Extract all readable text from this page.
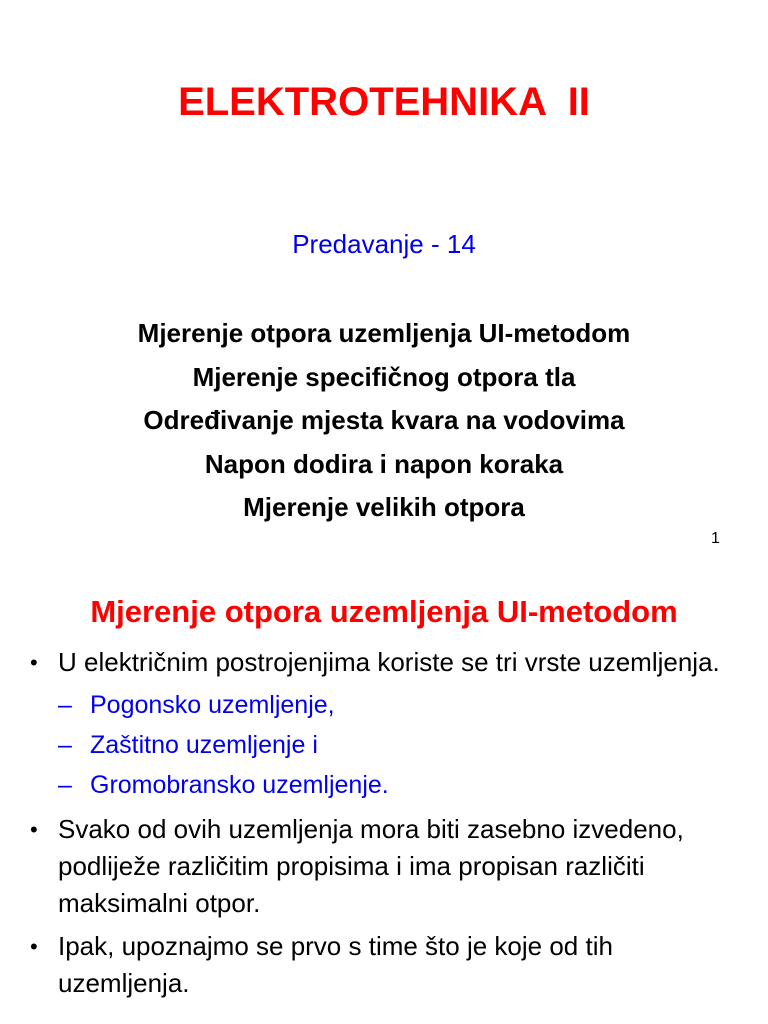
ELEKTROTEHNIKA  II
Predavanje - 14
Mjerenje otpora uzemljenja UI-metodom
Mjerenje specifičnog otpora tla
Određivanje mjesta kvara na vodovima
Napon dodira i napon koraka
Mjerenje velikih otpora
1
Mjerenje otpora uzemljenja UI-metodom
• U električnim postrojenjima koriste se tri vrste uzemljenja.
– Pogonsko uzemljenje,
– Zaštitno uzemljenje i
– Gromobransko uzemljenje.
• Svako od ovih uzemljenja mora biti zasebno izvedeno, podliježe različitim propisima i ima propisan različiti maksimalni otpor.
• Ipak, upoznajmo se prvo s time što je koje od tih uzemljenja.
